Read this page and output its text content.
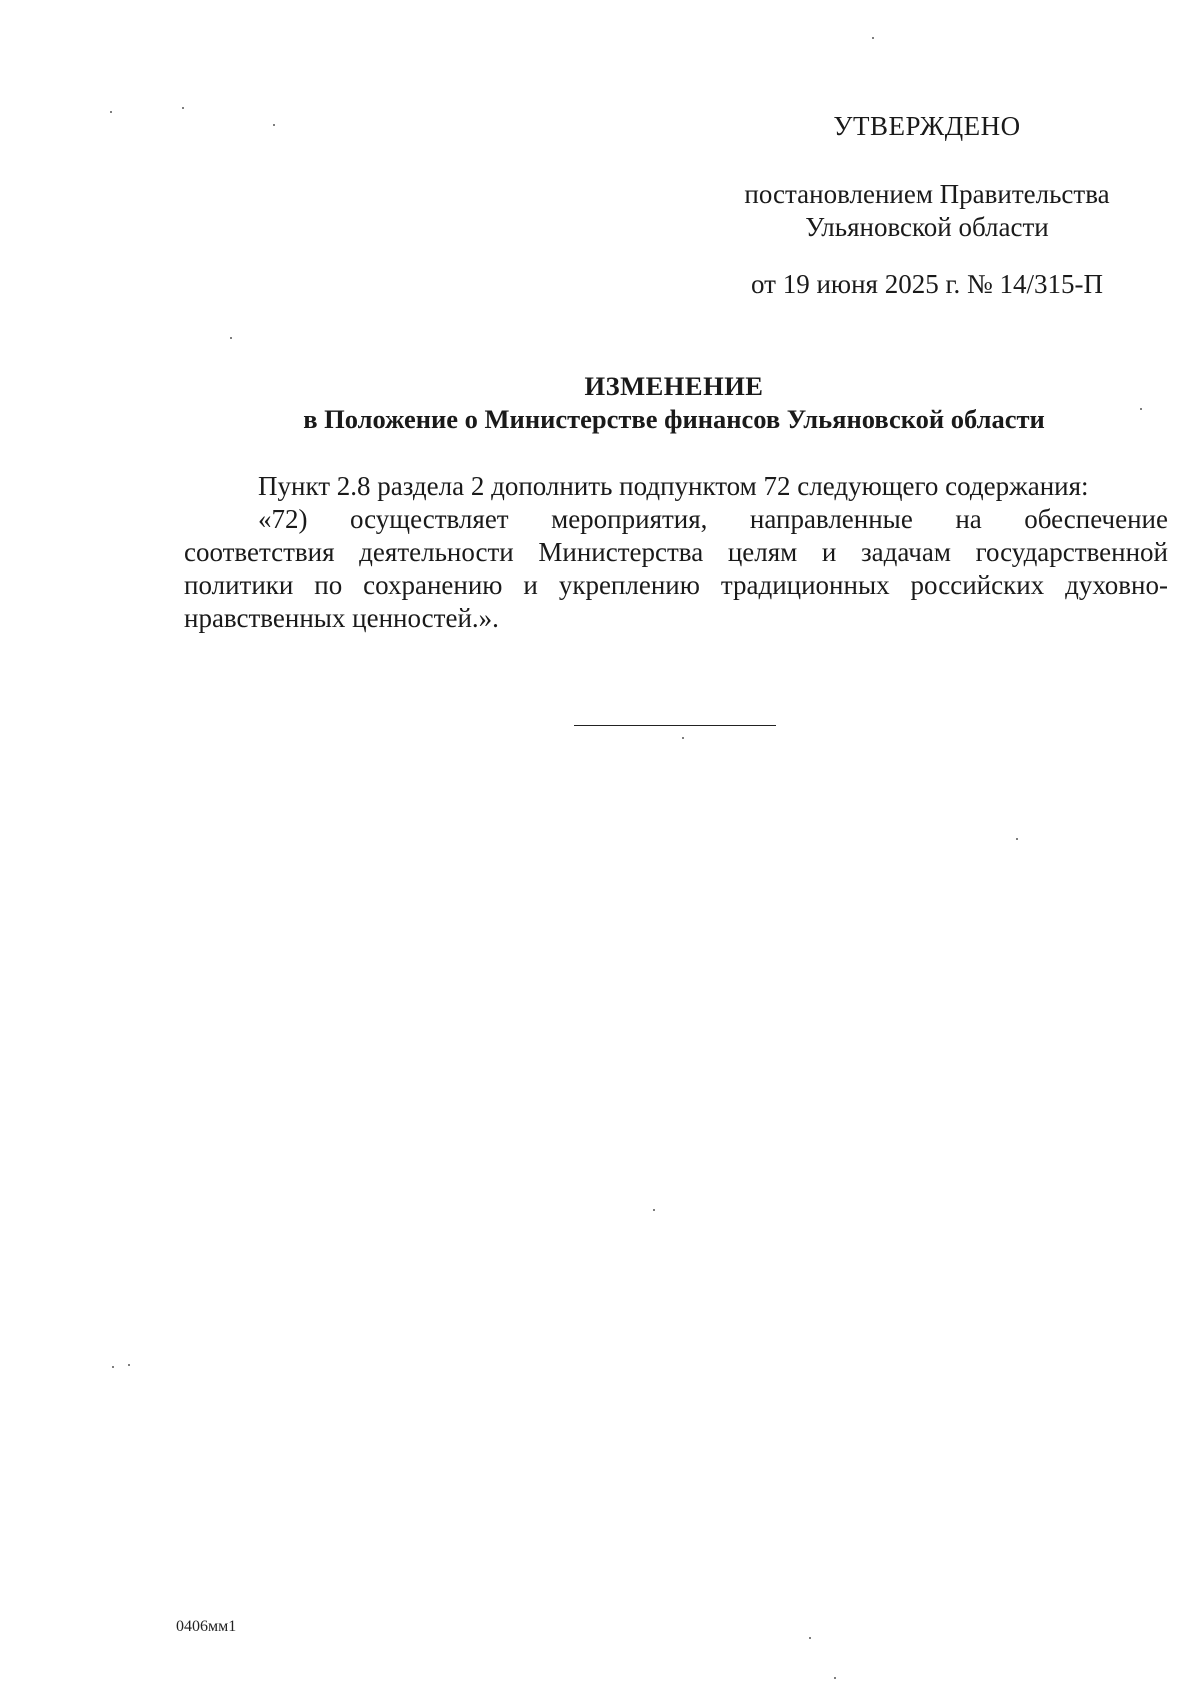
УТВЕРЖДЕНО
постановлением Правительства
Ульяновской области
от 19 июня 2025 г. № 14/315-П
ИЗМЕНЕНИЕ
в Положение о Министерстве финансов Ульяновской области
Пункт 2.8 раздела 2 дополнить подпунктом 72 следующего содержания:
«72) осуществляет мероприятия, направленные на обеспечение
соответствия деятельности Министерства целям и задачам государственной
политики по сохранению и укреплению традиционных российских духовно-
нравственных ценностей.».
0406мм1
